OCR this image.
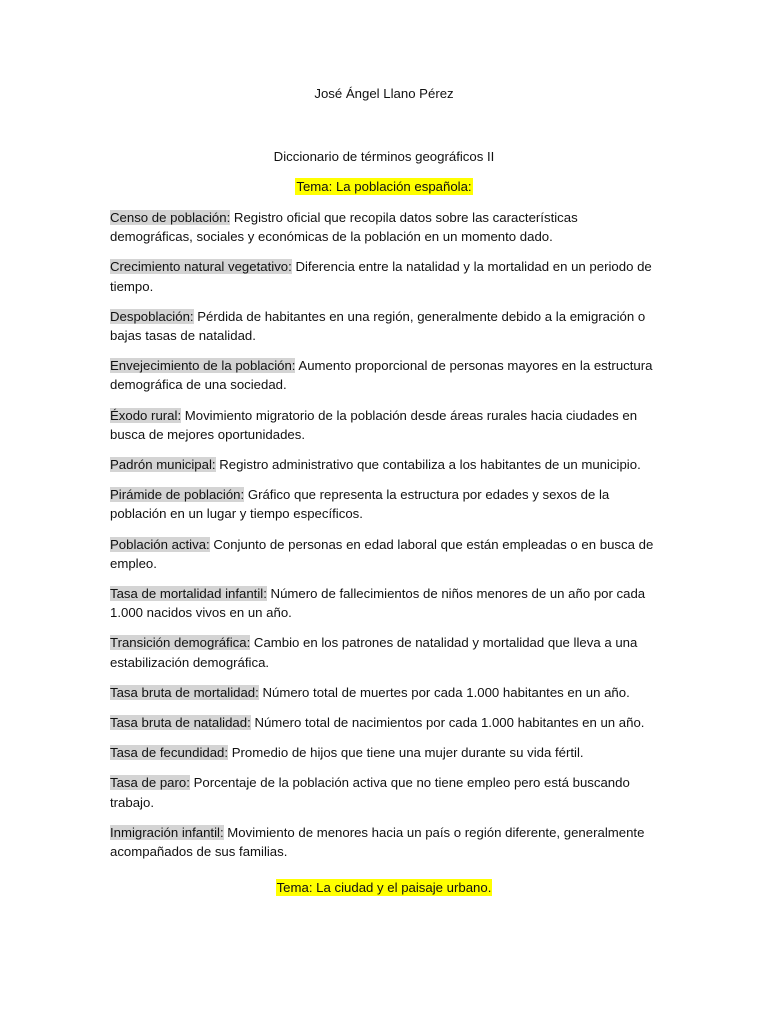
José Ángel Llano Pérez
Diccionario de términos geográficos II
Tema: La población española:

Censo de población: Registro oficial que recopila datos sobre las características demográficas, sociales y económicas de la población en un momento dado.

Crecimiento natural vegetativo: Diferencia entre la natalidad y la mortalidad en un periodo de tiempo.

Despoblación: Pérdida de habitantes en una región, generalmente debido a la emigración o bajas tasas de natalidad.

Envejecimiento de la población: Aumento proporcional de personas mayores en la estructura demográfica de una sociedad.

Éxodo rural: Movimiento migratorio de la población desde áreas rurales hacia ciudades en busca de mejores oportunidades.

Padrón municipal: Registro administrativo que contabiliza a los habitantes de un municipio.

Pirámide de población: Gráfico que representa la estructura por edades y sexos de la población en un lugar y tiempo específicos.

Población activa: Conjunto de personas en edad laboral que están empleadas o en busca de empleo.

Tasa de mortalidad infantil: Número de fallecimientos de niños menores de un año por cada 1.000 nacidos vivos en un año.

Transición demográfica: Cambio en los patrones de natalidad y mortalidad que lleva a una estabilización demográfica.

Tasa bruta de mortalidad: Número total de muertes por cada 1.000 habitantes en un año.

Tasa bruta de natalidad: Número total de nacimientos por cada 1.000 habitantes en un año.

Tasa de fecundidad: Promedio de hijos que tiene una mujer durante su vida fértil.

Tasa de paro: Porcentaje de la población activa que no tiene empleo pero está buscando trabajo.

Inmigración infantil: Movimiento de menores hacia un país o región diferente, generalmente acompañados de sus familias.

Tema: La ciudad y el paisaje urbano.
